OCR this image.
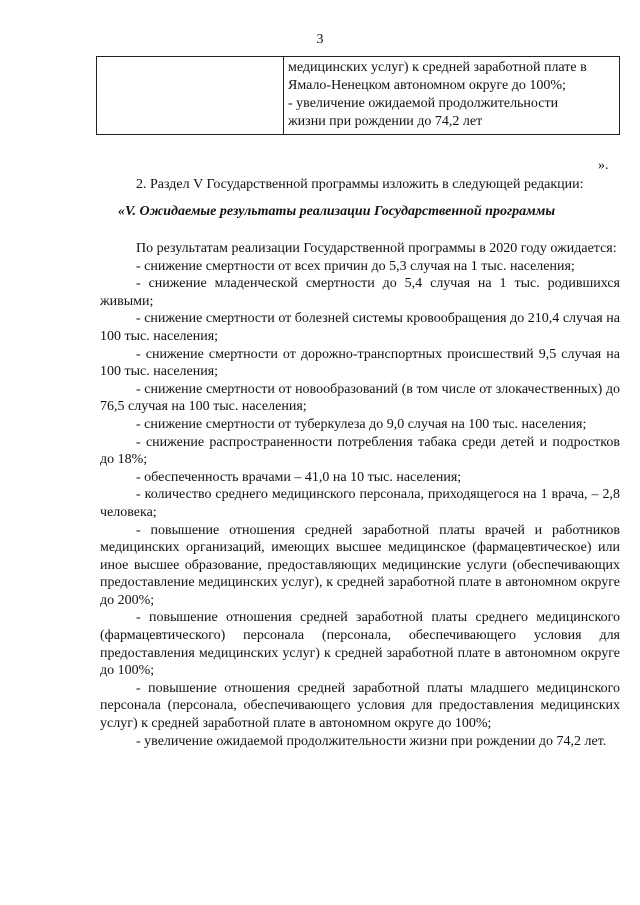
3

медицинских услуг) к средней заработной плате в
Ямало-Ненецком автономном округе до 100%;
- увеличение ожидаемой продолжительности
жизни при рождении до 74,2 лет
».

2. Раздел V Государственной программы изложить в следующей редакции:

«V. Ожидаемые результаты реализации Государственной программы

По результатам реализации Государственной программы в 2020 году ожидается:

- снижение смертности от всех причин до 5,3 случая на 1 тыс. населения;

- снижение младенческой смертности до 5,4 случая на 1 тыс. родившихся живыми;

- снижение смертности от болезней системы кровообращения до 210,4 случая на 100 тыс. населения;

- снижение смертности от дорожно-транспортных происшествий 9,5 случая на 100 тыс. населения;

- снижение смертности от новообразований (в том числе от злокачественных) до 76,5 случая на 100 тыс. населения;

- снижение смертности от туберкулеза до 9,0 случая на 100 тыс. населения;

- снижение распространенности потребления табака среди детей и подростков до 18%;

- обеспеченность врачами – 41,0 на 10 тыс. населения;

- количество среднего медицинского персонала, приходящегося на 1 врача, – 2,8 человека;

- повышение отношения средней заработной платы врачей и работников медицинских организаций, имеющих высшее медицинское (фармацевтическое) или иное высшее образование, предоставляющих медицинские услуги (обеспечивающих предоставление медицинских услуг), к средней заработной плате в автономном округе до 200%;

- повышение отношения средней заработной платы среднего медицинского (фармацевтического) персонала (персонала, обеспечивающего условия для предоставления медицинских услуг) к средней заработной плате в автономном округе до 100%;

- повышение отношения средней заработной платы младшего медицинского персонала (персонала, обеспечивающего условия для предоставления медицинских услуг) к средней заработной плате в автономном округе до 100%;

- увеличение ожидаемой продолжительности жизни при рождении до 74,2 лет.
